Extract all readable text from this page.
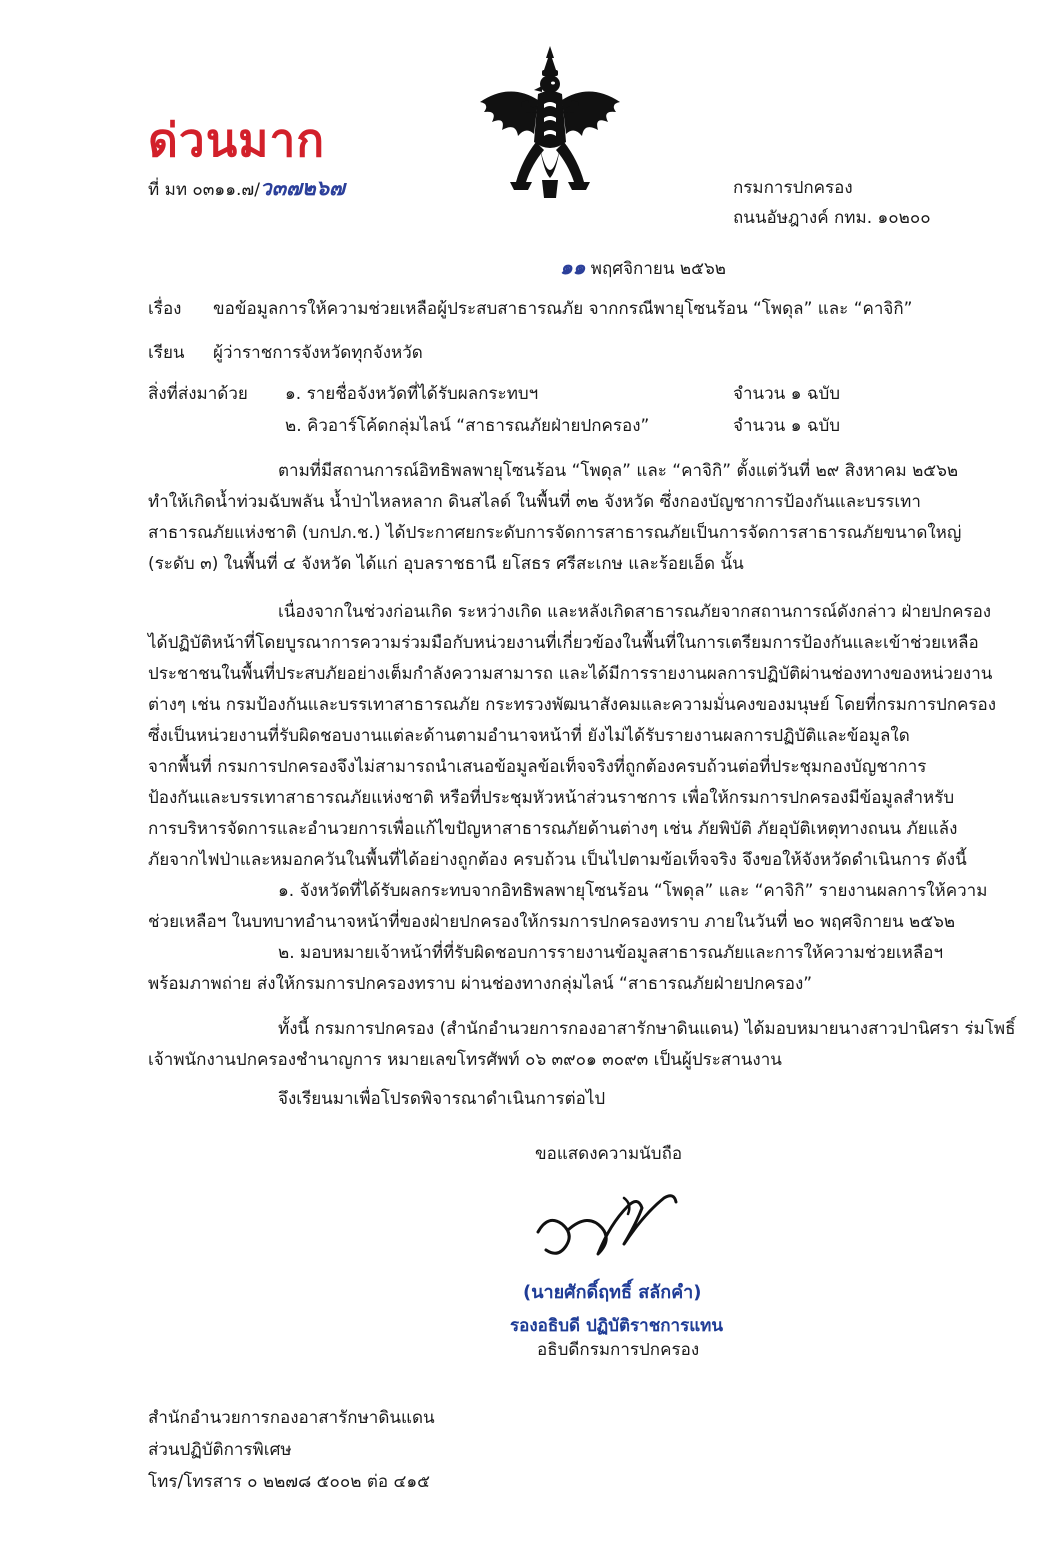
ด่วนมาก
ที่ มท ๐๓๑๑.๗/ว๓๗๒๖๗	กรมการปกครอง
ถนนอัษฎางค์ กทม. ๑๐๒๐๐
๑๑ พฤศจิกายน ๒๕๖๒
เรื่อง ขอข้อมูลการให้ความช่วยเหลือผู้ประสบสาธารณภัย จากกรณีพายุโซนร้อน “โพดุล” และ “คาจิกิ”
เรียน ผู้ว่าราชการจังหวัดทุกจังหวัด
สิ่งที่ส่งมาด้วย ๑. รายชื่อจังหวัดที่ได้รับผลกระทบฯ	จำนวน ๑ ฉบับ
๒. คิวอาร์โค้ดกลุ่มไลน์ “สาธารณภัยฝ่ายปกครอง”	จำนวน ๑ ฉบับ
ตามที่มีสถานการณ์อิทธิพลพายุโซนร้อน “โพดุล” และ “คาจิกิ” ตั้งแต่วันที่ ๒๙ สิงหาคม ๒๕๖๒
ทำให้เกิดน้ำท่วมฉับพลัน น้ำป่าไหลหลาก ดินสไลด์ ในพื้นที่ ๓๒ จังหวัด ซึ่งกองบัญชาการป้องกันและบรรเทา
สาธารณภัยแห่งชาติ (บกปภ.ช.) ได้ประกาศยกระดับการจัดการสาธารณภัยเป็นการจัดการสาธารณภัยขนาดใหญ่
(ระดับ ๓) ในพื้นที่ ๔ จังหวัด ได้แก่ อุบลราชธานี ยโสธร ศรีสะเกษ และร้อยเอ็ด นั้น
เนื่องจากในช่วงก่อนเกิด ระหว่างเกิด และหลังเกิดสาธารณภัยจากสถานการณ์ดังกล่าว ฝ่ายปกครอง
ได้ปฏิบัติหน้าที่โดยบูรณาการความร่วมมือกับหน่วยงานที่เกี่ยวข้องในพื้นที่ในการเตรียมการป้องกันและเข้าช่วยเหลือ
ประชาชนในพื้นที่ประสบภัยอย่างเต็มกำลังความสามารถ และได้มีการรายงานผลการปฏิบัติผ่านช่องทางของหน่วยงาน
ต่างๆ เช่น กรมป้องกันและบรรเทาสาธารณภัย กระทรวงพัฒนาสังคมและความมั่นคงของมนุษย์ โดยที่กรมการปกครอง
ซึ่งเป็นหน่วยงานที่รับผิดชอบงานแต่ละด้านตามอำนาจหน้าที่ ยังไม่ได้รับรายงานผลการปฏิบัติและข้อมูลใด
จากพื้นที่ กรมการปกครองจึงไม่สามารถนำเสนอข้อมูลข้อเท็จจริงที่ถูกต้องครบถ้วนต่อที่ประชุมกองบัญชาการ
ป้องกันและบรรเทาสาธารณภัยแห่งชาติ หรือที่ประชุมหัวหน้าส่วนราชการ เพื่อให้กรมการปกครองมีข้อมูลสำหรับ
การบริหารจัดการและอำนวยการเพื่อแก้ไขปัญหาสาธารณภัยด้านต่างๆ เช่น ภัยพิบัติ ภัยอุบัติเหตุทางถนน ภัยแล้ง
ภัยจากไฟป่าและหมอกควันในพื้นที่ได้อย่างถูกต้อง ครบถ้วน เป็นไปตามข้อเท็จจริง จึงขอให้จังหวัดดำเนินการ ดังนี้
๑. จังหวัดที่ได้รับผลกระทบจากอิทธิพลพายุโซนร้อน “โพดุล” และ “คาจิกิ” รายงานผลการให้ความ
ช่วยเหลือฯ ในบทบาทอำนาจหน้าที่ของฝ่ายปกครองให้กรมการปกครองทราบ ภายในวันที่ ๒๐ พฤศจิกายน ๒๕๖๒
๒. มอบหมายเจ้าหน้าที่ที่รับผิดชอบการรายงานข้อมูลสาธารณภัยและการให้ความช่วยเหลือฯ
พร้อมภาพถ่าย ส่งให้กรมการปกครองทราบ ผ่านช่องทางกลุ่มไลน์ “สาธารณภัยฝ่ายปกครอง”
ทั้งนี้ กรมการปกครอง (สำนักอำนวยการกองอาสารักษาดินแดน) ได้มอบหมายนางสาวปานิศรา ร่มโพธิ์
เจ้าพนักงานปกครองชำนาญการ หมายเลขโทรศัพท์ ๐๖ ๓๙๐๑ ๓๐๙๓ เป็นผู้ประสานงาน
จึงเรียนมาเพื่อโปรดพิจารณาดำเนินการต่อไป
ขอแสดงความนับถือ
(นายศักดิ์ฤทธิ์ สลักคำ)
รองอธิบดี ปฏิบัติราชการแทน
อธิบดีกรมการปกครอง
สำนักอำนวยการกองอาสารักษาดินแดน
ส่วนปฏิบัติการพิเศษ
โทร/โทรสาร ๐ ๒๒๗๘ ๕๐๐๒ ต่อ ๔๑๕
